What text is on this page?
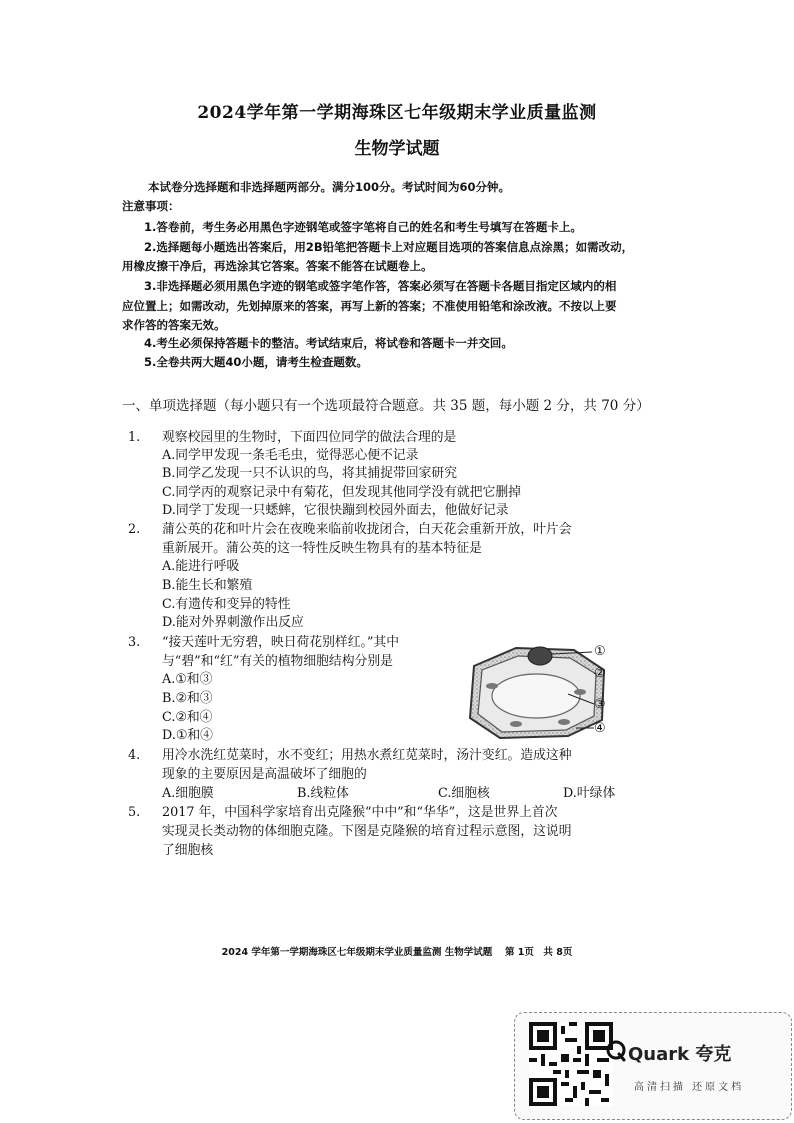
2024学年第一学期海珠区七年级期末学业质量监测
生物学试题
本试卷分选择题和非选择题两部分。满分100分。考试时间为60分钟。
注意事项：
1.答卷前，考生务必用黑色字迹钢笔或签字笔将自己的姓名和考生号填写在答题卡上。
2.选择题每小题选出答案后，用2B铅笔把答题卡上对应题目选项的答案信息点涂黑；如需改动，
用橡皮擦干净后，再选涂其它答案。答案不能答在试题卷上。
3.非选择题必须用黑色字迹的钢笔或签字笔作答，答案必须写在答题卡各题目指定区域内的相
应位置上；如需改动，先划掉原来的答案，再写上新的答案；不准使用铅笔和涂改液。不按以上要
求作答的答案无效。
4.考生必须保持答题卡的整洁。考试结束后，将试卷和答题卡一并交回。
5.全卷共两大题40小题，请考生检查题数。
一、单项选择题（每小题只有一个选项最符合题意。共 35 题，每小题 2 分，共 70 分）
1. 观察校园里的生物时，下面四位同学的做法合理的是
A.同学甲发现一条毛毛虫，觉得恶心便不记录
B.同学乙发现一只不认识的鸟，将其捕捉带回家研究
C.同学丙的观察记录中有菊花，但发现其他同学没有就把它删掉
D.同学丁发现一只蟋蟀，它很快蹦到校园外面去，他做好记录
2. 蒲公英的花和叶片会在夜晚来临前收拢闭合，白天花会重新开放，叶片会
重新展开。蒲公英的这一特性反映生物具有的基本特征是
A.能进行呼吸
B.能生长和繁殖
C.有遗传和变异的特性
D.能对外界刺激作出反应
3. “接天莲叶无穷碧，映日荷花别样红。”其中
与“碧”和“红”有关的植物细胞结构分别是
A.①和③
B.②和③
C.②和④
D.①和④
①
②
③
④
4. 用冷水洗红苋菜时，水不变红；用热水煮红苋菜时，汤汁变红。造成这种
现象的主要原因是高温破坏了细胞的
A.细胞膜	B.线粒体	C.细胞核	D.叶绿体
5. 2017 年，中国科学家培育出克隆猴“中中”和“华华”，这是世界上首次
实现灵长类动物的体细胞克隆。下图是克隆猴的培育过程示意图，这说明
了细胞核
2024 学年第一学期海珠区七年级期末学业质量监测 生物学试题　 第 1页　共 8页
Quark 夸克
高清扫描 还原文档
